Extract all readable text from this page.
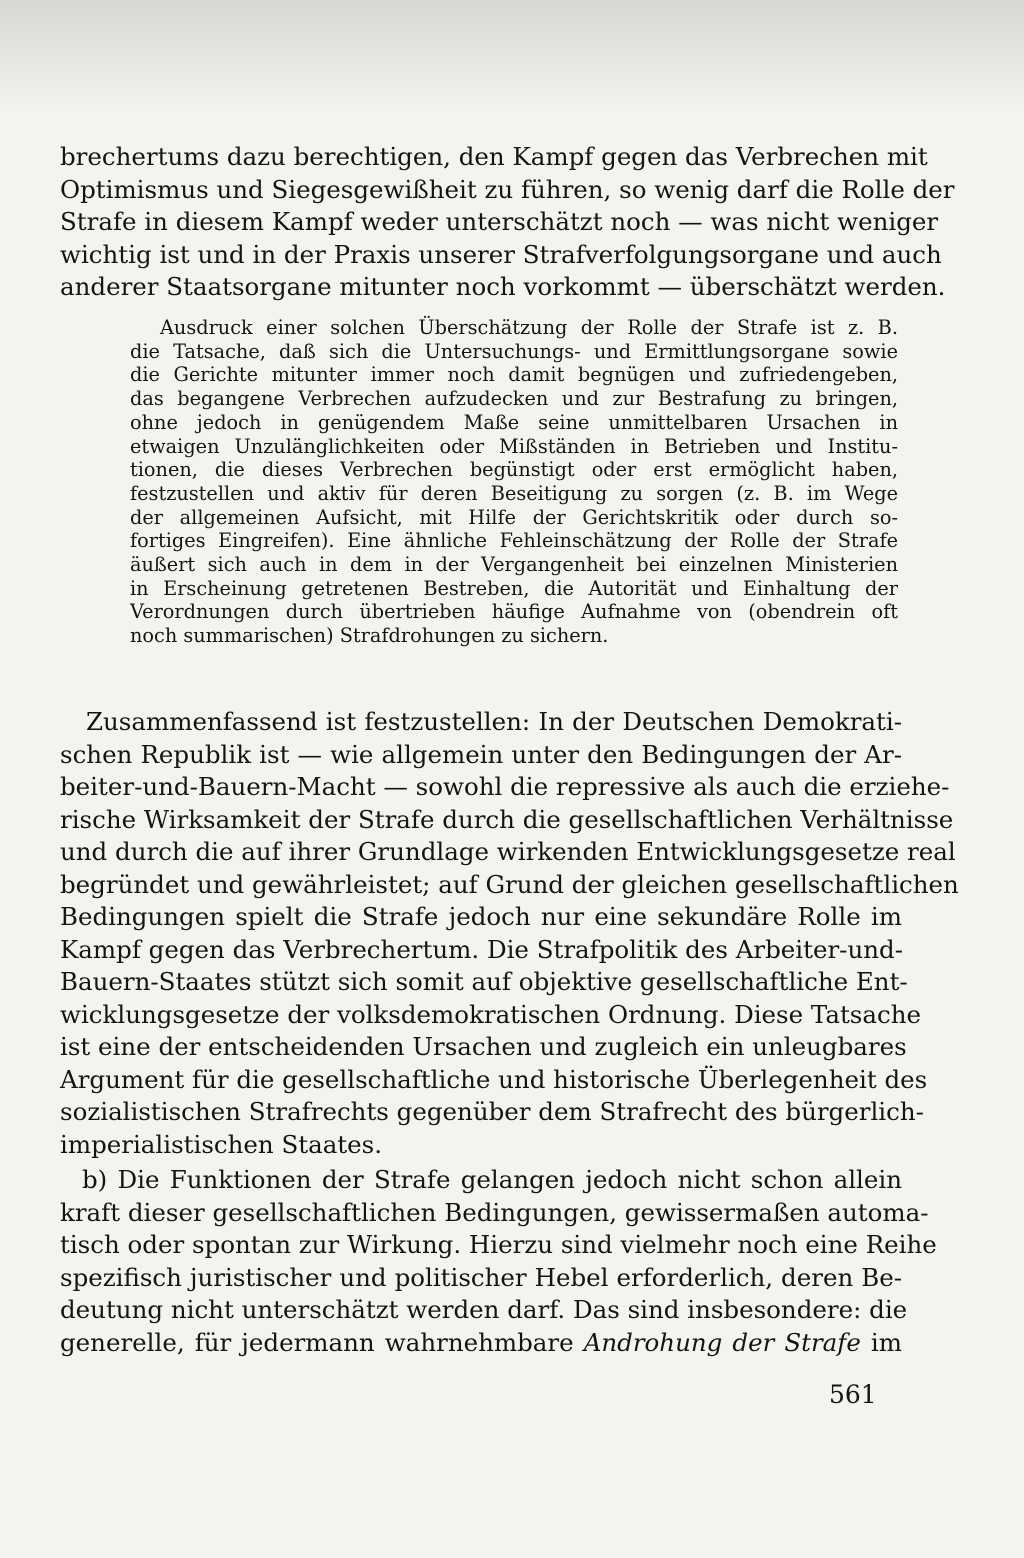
brechertums dazu berechtigen, den Kampf gegen das Verbrechen mit
Optimismus und Siegesgewißheit zu führen, so wenig darf die Rolle der
Strafe in diesem Kampf weder unterschätzt noch — was nicht weniger
wichtig ist und in der Praxis unserer Strafverfolgungsorgane und auch
anderer Staatsorgane mitunter noch vorkommt — überschätzt werden.
Ausdruck einer solchen Überschätzung der Rolle der Strafe ist z. B.
die Tatsache, daß sich die Untersuchungs- und Ermittlungsorgane sowie
die Gerichte mitunter immer noch damit begnügen und zufriedengeben,
das begangene Verbrechen aufzudecken und zur Bestrafung zu bringen,
ohne jedoch in genügendem Maße seine unmittelbaren Ursachen in
etwaigen Unzulänglichkeiten oder Mißständen in Betrieben und Institu-
tionen, die dieses Verbrechen begünstigt oder erst ermöglicht haben,
festzustellen und aktiv für deren Beseitigung zu sorgen (z. B. im Wege
der allgemeinen Aufsicht, mit Hilfe der Gerichtskritik oder durch so-
fortiges Eingreifen). Eine ähnliche Fehleinschätzung der Rolle der Strafe
äußert sich auch in dem in der Vergangenheit bei einzelnen Ministerien
in Erscheinung getretenen Bestreben, die Autorität und Einhaltung der
Verordnungen durch übertrieben häufige Aufnahme von (obendrein oft
noch summarischen) Strafdrohungen zu sichern.
Zusammenfassend ist festzustellen: In der Deutschen Demokrati-
schen Republik ist — wie allgemein unter den Bedingungen der Ar-
beiter-und-Bauern-Macht — sowohl die repressive als auch die erziehe-
rische Wirksamkeit der Strafe durch die gesellschaftlichen Verhältnisse
und durch die auf ihrer Grundlage wirkenden Entwicklungsgesetze real
begründet und gewährleistet; auf Grund der gleichen gesellschaftlichen
Bedingungen spielt die Strafe jedoch nur eine sekundäre Rolle im
Kampf gegen das Verbrechertum. Die Strafpolitik des Arbeiter-und-
Bauern-Staates stützt sich somit auf objektive gesellschaftliche Ent-
wicklungsgesetze der volksdemokratischen Ordnung. Diese Tatsache
ist eine der entscheidenden Ursachen und zugleich ein unleugbares
Argument für die gesellschaftliche und historische Überlegenheit des
sozialistischen Strafrechts gegenüber dem Strafrecht des bürgerlich-
imperialistischen Staates.
b) Die Funktionen der Strafe gelangen jedoch nicht schon allein
kraft dieser gesellschaftlichen Bedingungen, gewissermaßen automa-
tisch oder spontan zur Wirkung. Hierzu sind vielmehr noch eine Reihe
spezifisch juristischer und politischer Hebel erforderlich, deren Be-
deutung nicht unterschätzt werden darf. Das sind insbesondere: die
generelle, für jedermann wahrnehmbare Androhung der Strafe im
561
